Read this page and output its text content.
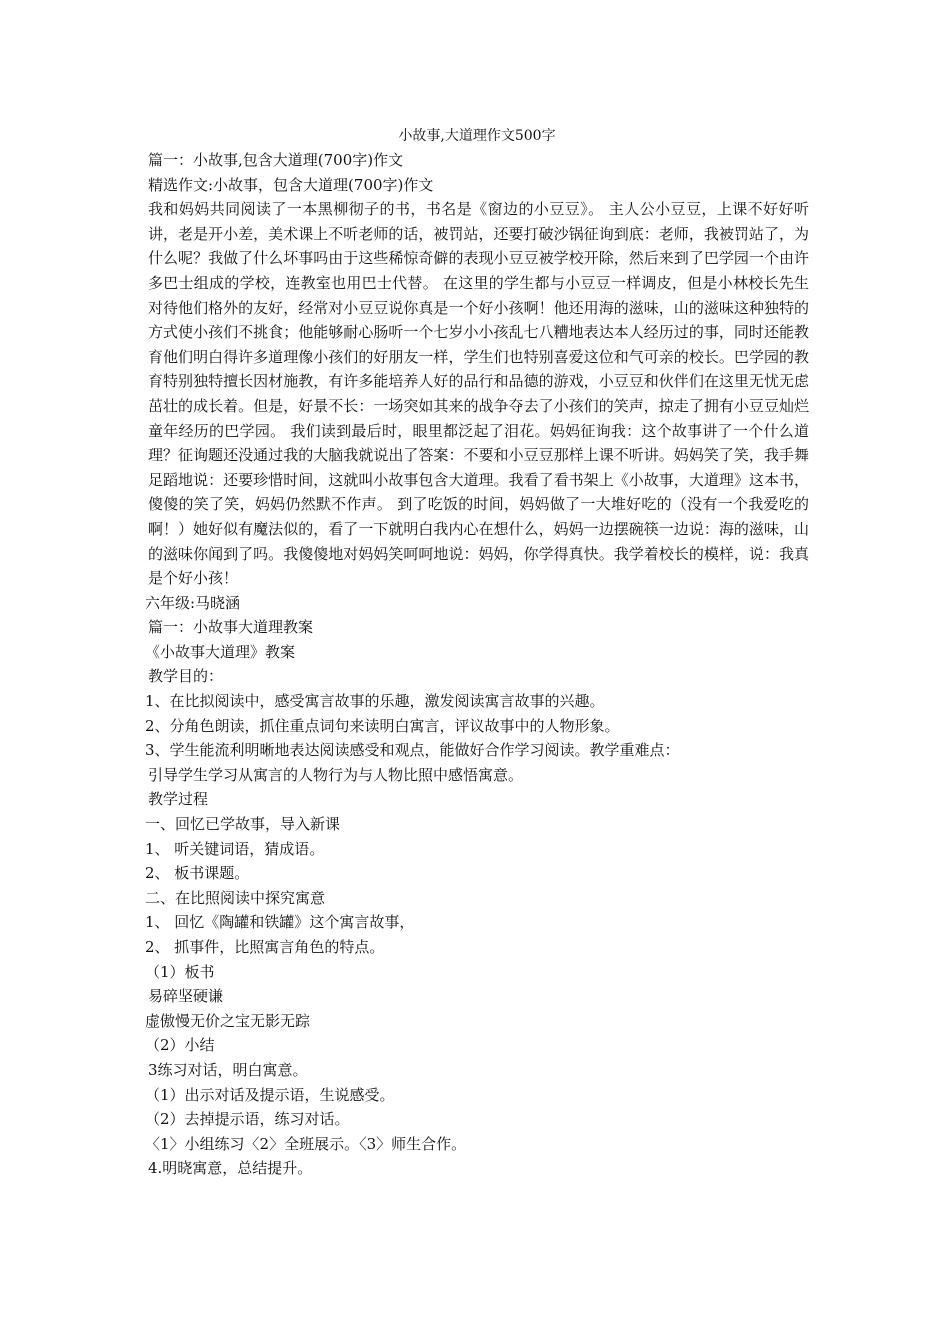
小故事,大道理作文500字

篇一：小故事,包含大道理(700字)作文

精选作文:小故事，包含大道理(700字)作文

我和妈妈共同阅读了一本黑柳彻子的书，书名是《窗边的小豆豆》。 主人公小豆豆，上课不好好听讲，老是开小差，美术课上不听老师的话，被罚站，还要打破沙锅征询到底：老师，我被罚站了，为什么呢？我做了什么坏事吗由于这些稀惊奇僻的表现小豆豆被学校开除，然后来到了巴学园一个由许多巴士组成的学校，连教室也用巴士代替。 在这里的学生都与小豆豆一样调皮，但是小林校长先生对待他们格外的友好，经常对小豆豆说你真是一个好小孩啊！他还用海的滋味，山的滋味这种独特的方式使小孩们不挑食；他能够耐心肠听一个七岁小小孩乱七八糟地表达本人经历过的事，同时还能教育他们明白得许多道理像小孩们的好朋友一样，学生们也特别喜爱这位和气可亲的校长。巴学园的教育特别独特擅长因材施教，有许多能培养人好的品行和品德的游戏，小豆豆和伙伴们在这里无忧无虑茁壮的成长着。但是，好景不长：一场突如其来的战争夺去了小孩们的笑声，掠走了拥有小豆豆灿烂童年经历的巴学园。 我们读到最后时，眼里都泛起了泪花。妈妈征询我：这个故事讲了一个什么道理？征询题还没通过我的大脑我就说出了答案：不要和小豆豆那样上课不听讲。妈妈笑了笑，我手舞足蹈地说：还要珍惜时间，这就叫小故事包含大道理。我看了看书架上《小故事，大道理》这本书，傻傻的笑了笑，妈妈仍然默不作声。 到了吃饭的时间，妈妈做了一大堆好吃的（没有一个我爱吃的啊！）她好似有魔法似的，看了一下就明白我内心在想什么，妈妈一边摆碗筷一边说：海的滋味，山的滋味你闻到了吗。我傻傻地对妈妈笑呵呵地说：妈妈，你学得真快。我学着校长的模样，说：我真是个好小孩！

六年级:马晓涵

篇一：小故事大道理教案

《小故事大道理》教案

教学目的：

1、在比拟阅读中，感受寓言故事的乐趣，激发阅读寓言故事的兴趣。

2、分角色朗读，抓住重点词句来读明白寓言，评议故事中的人物形象。

3、学生能流利明晰地表达阅读感受和观点，能做好合作学习阅读。教学重难点：

引导学生学习从寓言的人物行为与人物比照中感悟寓意。

教学过程

一、回忆已学故事，导入新课

1、 听关键词语，猜成语。

2、 板书课题。

二、在比照阅读中探究寓意

1、 回忆《陶罐和铁罐》这个寓言故事，

2、 抓事件，比照寓言角色的特点。

（1）板书

易碎坚硬谦

虚傲慢无价之宝无影无踪

（2）小结

3练习对话，明白寓意。

（1）出示对话及提示语，生说感受。

（2）去掉提示语，练习对话。

〈1〉小组练习〈2〉全班展示。〈3〉师生合作。

4.明晓寓意，总结提升。
